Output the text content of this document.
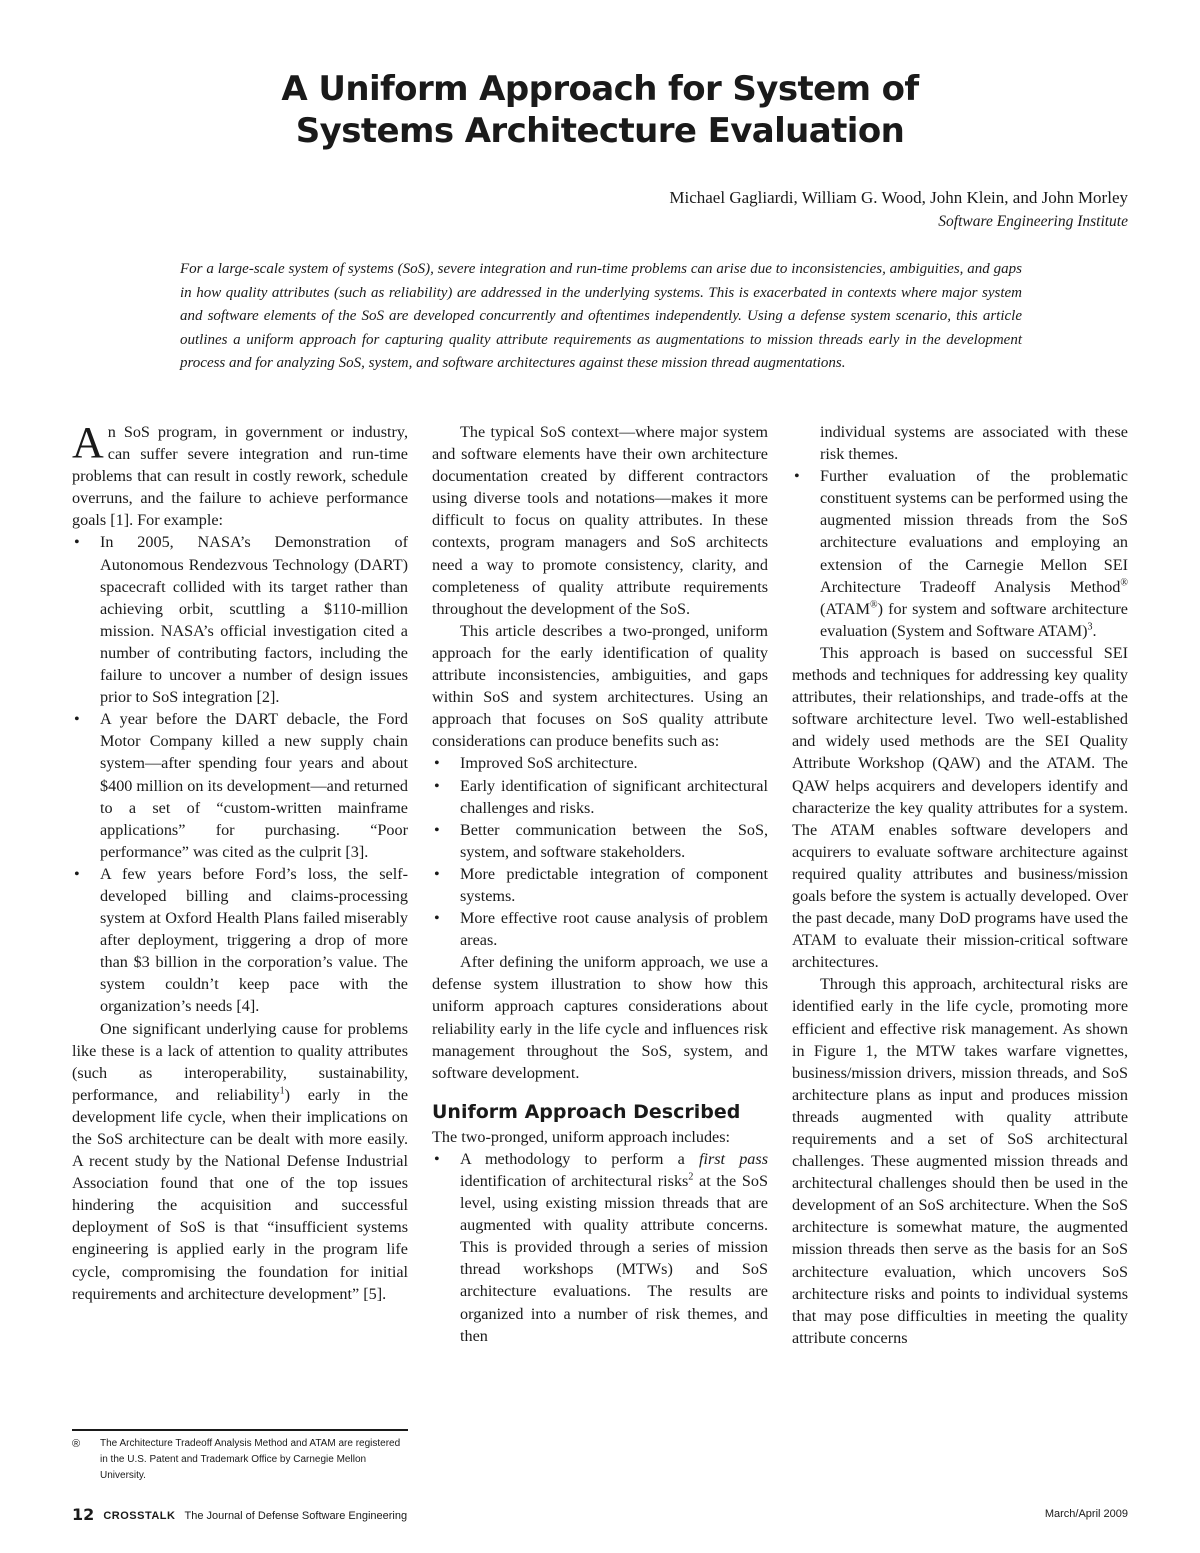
A Uniform Approach for System of
Systems Architecture Evaluation
Michael Gagliardi, William G. Wood, John Klein, and John Morley
Software Engineering Institute

For a large-scale system of systems (SoS), severe integration and run-time problems can arise due to inconsistencies, ambiguities, and gaps in how quality attributes (such as reliability) are addressed in the underlying systems. This is exacerbated in contexts where major system and software elements of the SoS are developed concurrently and oftentimes independently. Using a defense system scenario, this article outlines a uniform approach for capturing quality attribute requirements as augmentations to mission threads early in the development process and for analyzing SoS, system, and software architectures against these mission thread augmentations.

An SoS program, in government or industry, can suffer severe integration and run-time problems that can result in costly rework, schedule overruns, and the failure to achieve performance goals [1]. For example:

• In 2005, NASA’s Demonstration of Autonomous Rendezvous Technology (DART) spacecraft collided with its target rather than achieving orbit, scuttling a $110-million mission. NASA’s official investigation cited a number of contributing factors, including the failure to uncover a number of design issues prior to SoS integration [2].
• A year before the DART debacle, the Ford Motor Company killed a new supply chain system—after spending four years and about $400 million on its development—and returned to a set of “custom-written mainframe applications” for purchasing. “Poor performance” was cited as the culprit [3].
• A few years before Ford’s loss, the self-developed billing and claims-processing system at Oxford Health Plans failed miserably after deployment, triggering a drop of more than $3 billion in the corporation’s value. The system couldn’t keep pace with the organization’s needs [4].

One significant underlying cause for problems like these is a lack of attention to quality attributes (such as interoperability, sustainability, performance, and reliability$^1$) early in the development life cycle, when their implications on the SoS architecture can be dealt with more easily. A recent study by the National Defense Industrial Association found that one of the top issues hindering the acquisition and successful deployment of SoS is that “insufficient systems engineering is applied early in the program life cycle, compromising the foundation for initial requirements and architecture development” [5].

The typical SoS context—where major system and software elements have their own architecture documentation created by different contractors using diverse tools and notations—makes it more difficult to focus on quality attributes. In these contexts, program managers and SoS architects need a way to promote consistency, clarity, and completeness of quality attribute requirements throughout the development of the SoS.

This article describes a two-pronged, uniform approach for the early identification of quality attribute inconsistencies, ambiguities, and gaps within SoS and system architectures. Using an approach that focuses on SoS quality attribute considerations can produce benefits such as:

• Improved SoS architecture.
• Early identification of significant architectural challenges and risks.
• Better communication between the SoS, system, and software stakeholders.
• More predictable integration of component systems.
• More effective root cause analysis of problem areas.

After defining the uniform approach, we use a defense system illustration to show how this uniform approach captures considerations about reliability early in the life cycle and influences risk management throughout the SoS, system, and software development.

Uniform Approach Described

The two-pronged, uniform approach includes:

• A methodology to perform a first pass identification of architectural risks$^2$ at the SoS level, using existing mission threads that are augmented with quality attribute concerns. This is provided through a series of mission thread workshops (MTWs) and SoS architecture evaluations. The results are organized into a number of risk themes, and then
individual systems are associated with these risk themes.
• Further evaluation of the problematic constituent systems can be performed using the augmented mission threads from the SoS architecture evaluations and employing an extension of the Carnegie Mellon SEI Architecture Tradeoff Analysis Method® (ATAM®) for system and software architecture evaluation (System and Software ATAM)$^3$.

This approach is based on successful SEI methods and techniques for addressing key quality attributes, their relationships, and trade-offs at the software architecture level. Two well-established and widely used methods are the SEI Quality Attribute Workshop (QAW) and the ATAM. The QAW helps acquirers and developers identify and characterize the key quality attributes for a system. The ATAM enables software developers and acquirers to evaluate software architecture against required quality attributes and business/mission goals before the system is actually developed. Over the past decade, many DoD programs have used the ATAM to evaluate their mission-critical software architectures.

Through this approach, architectural risks are identified early in the life cycle, promoting more efficient and effective risk management. As shown in Figure 1, the MTW takes warfare vignettes, business/mission drivers, mission threads, and SoS architecture plans as input and produces mission threads augmented with quality attribute requirements and a set of SoS architectural challenges. These augmented mission threads and architectural challenges should then be used in the development of an SoS architecture. When the SoS architecture is somewhat mature, the augmented mission threads then serve as the basis for an SoS architecture evaluation, which uncovers SoS architecture risks and points to individual systems that may pose difficulties in meeting the quality attribute concerns

® The Architecture Tradeoff Analysis Method and ATAM are registered in the U.S. Patent and Trademark Office by Carnegie Mellon University.
12 CROSSTALK The Journal of Defense Software Engineering	March/April 2009
